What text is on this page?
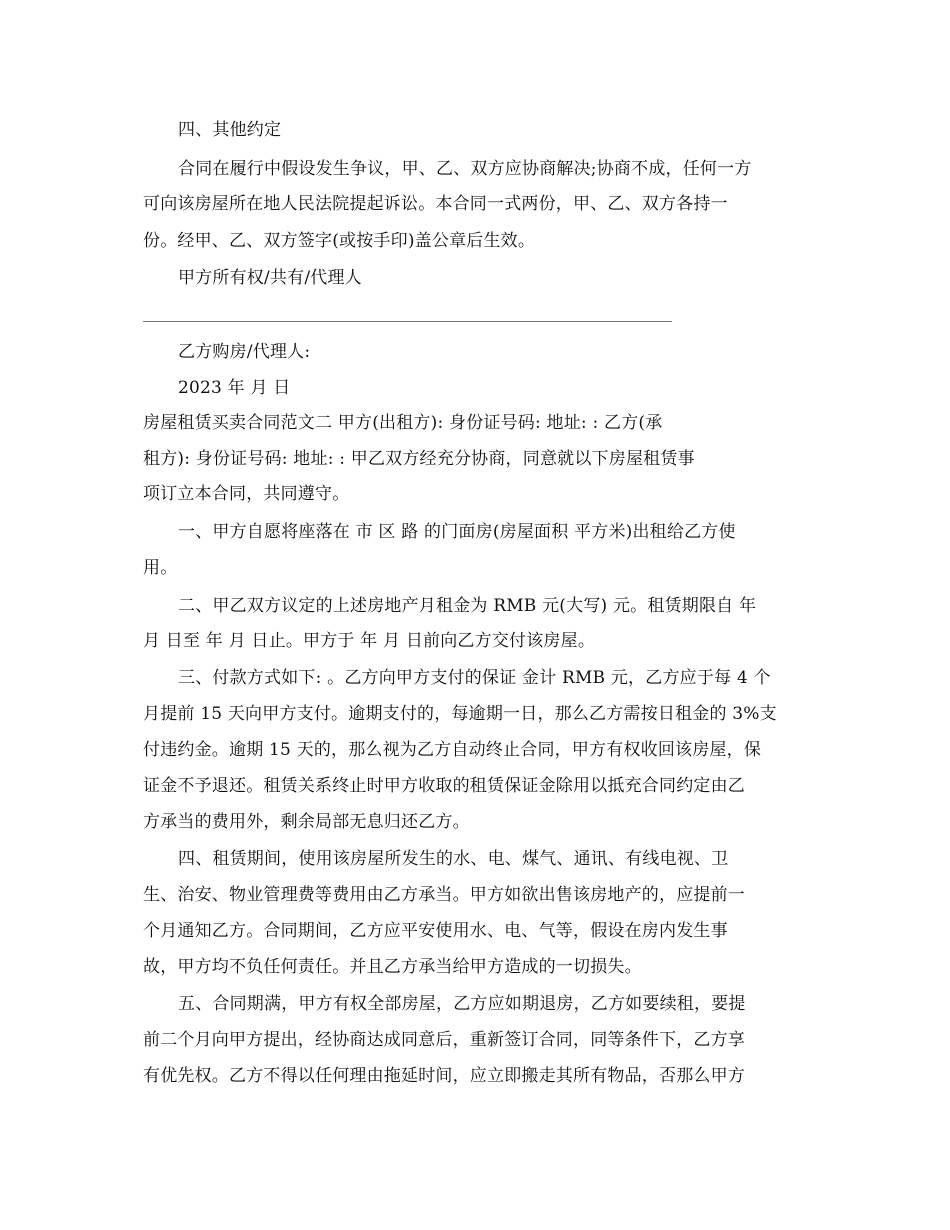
四、其他约定
合同在履行中假设发生争议，甲、乙、双方应协商解决;协商不成，任何一方
可向该房屋所在地人民法院提起诉讼。本合同一式两份，甲、乙、双方各持一
份。经甲、乙、双方签字(或按手印)盖公章后生效。
甲方所有权/共有/代理人
乙方购房/代理人:
2023 年 月 日
房屋租赁买卖合同范文二 甲方(出租方): 身份证号码: 地址: : 乙方(承
租方): 身份证号码: 地址: : 甲乙双方经充分协商，同意就以下房屋租赁事
项订立本合同，共同遵守。
一、甲方自愿将座落在 市 区 路 的门面房(房屋面积 平方米)出租给乙方使
用。
二、甲乙双方议定的上述房地产月租金为 RMB 元(大写) 元。租赁期限自 年
月 日至 年 月 日止。甲方于 年 月 日前向乙方交付该房屋。
三、付款方式如下: 。乙方向甲方支付的保证 金计 RMB 元，乙方应于每 4 个
月提前 15 天向甲方支付。逾期支付的，每逾期一日，那么乙方需按日租金的 3%支
付违约金。逾期 15 天的，那么视为乙方自动终止合同，甲方有权收回该房屋，保
证金不予退还。租赁关系终止时甲方收取的租赁保证金除用以抵充合同约定由乙
方承当的费用外，剩余局部无息归还乙方。
四、租赁期间，使用该房屋所发生的水、电、煤气、通讯、有线电视、卫
生、治安、物业管理费等费用由乙方承当。甲方如欲出售该房地产的，应提前一
个月通知乙方。合同期间，乙方应平安使用水、电、气等，假设在房内发生事
故，甲方均不负任何责任。并且乙方承当给甲方造成的一切损失。
五、合同期满，甲方有权全部房屋，乙方应如期退房，乙方如要续租，要提
前二个月向甲方提出，经协商达成同意后，重新签订合同，同等条件下，乙方享
有优先权。乙方不得以任何理由拖延时间，应立即搬走其所有物品，否那么甲方
